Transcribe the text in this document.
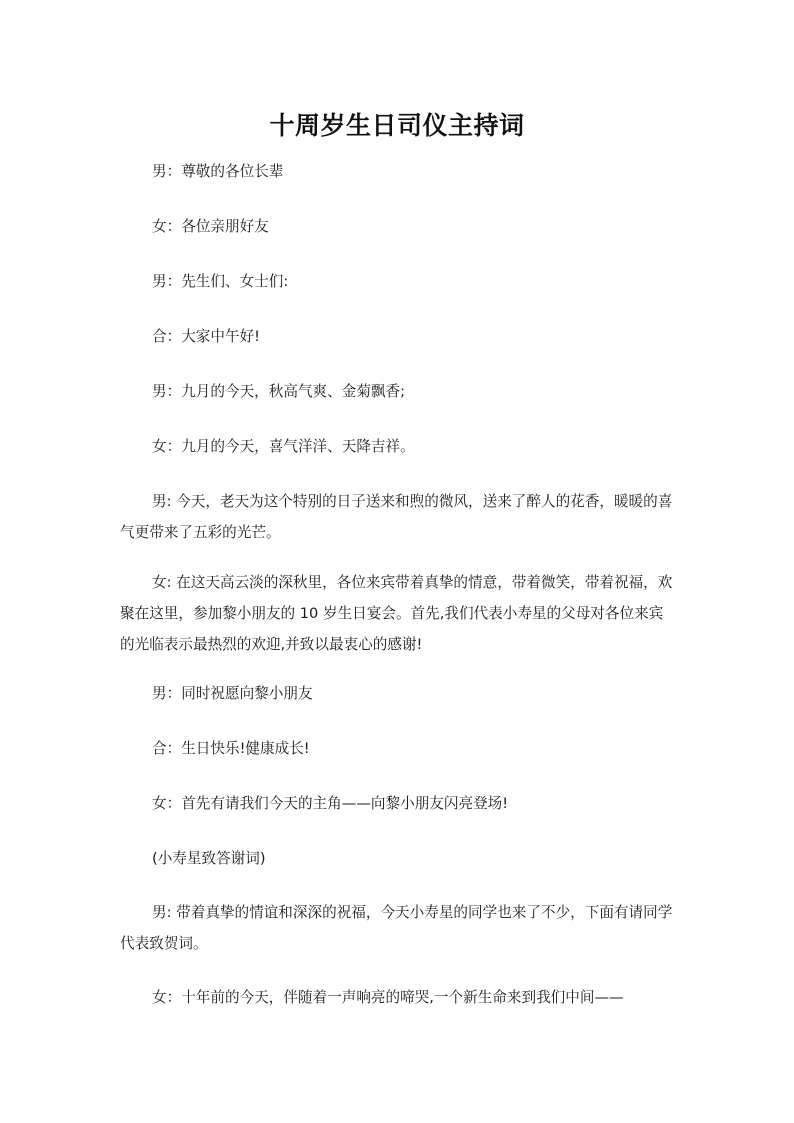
十周岁生日司仪主持词

男：尊敬的各位长辈

女：各位亲朋好友

男：先生们、女士们:

合：大家中午好!

男：九月的今天，秋高气爽、金菊飘香;

女：九月的今天，喜气洋洋、天降吉祥。

男: 今天，老天为这个特别的日子送来和煦的微风，送来了醉人的花香，暖暖的喜气更带来了五彩的光芒。

女: 在这天高云淡的深秋里，各位来宾带着真挚的情意，带着微笑，带着祝福，欢聚在这里，参加黎小朋友的 10 岁生日宴会。首先,我们代表小寿星的父母对各位来宾的光临表示最热烈的欢迎,并致以最衷心的感谢!

男：同时祝愿向黎小朋友

合：生日快乐!健康成长!

女：首先有请我们今天的主角——向黎小朋友闪亮登场!

(小寿星致答谢词)

男: 带着真挚的情谊和深深的祝福，今天小寿星的同学也来了不少，下面有请同学代表致贺词。

女：十年前的今天，伴随着一声响亮的啼哭,一个新生命来到我们中间——
